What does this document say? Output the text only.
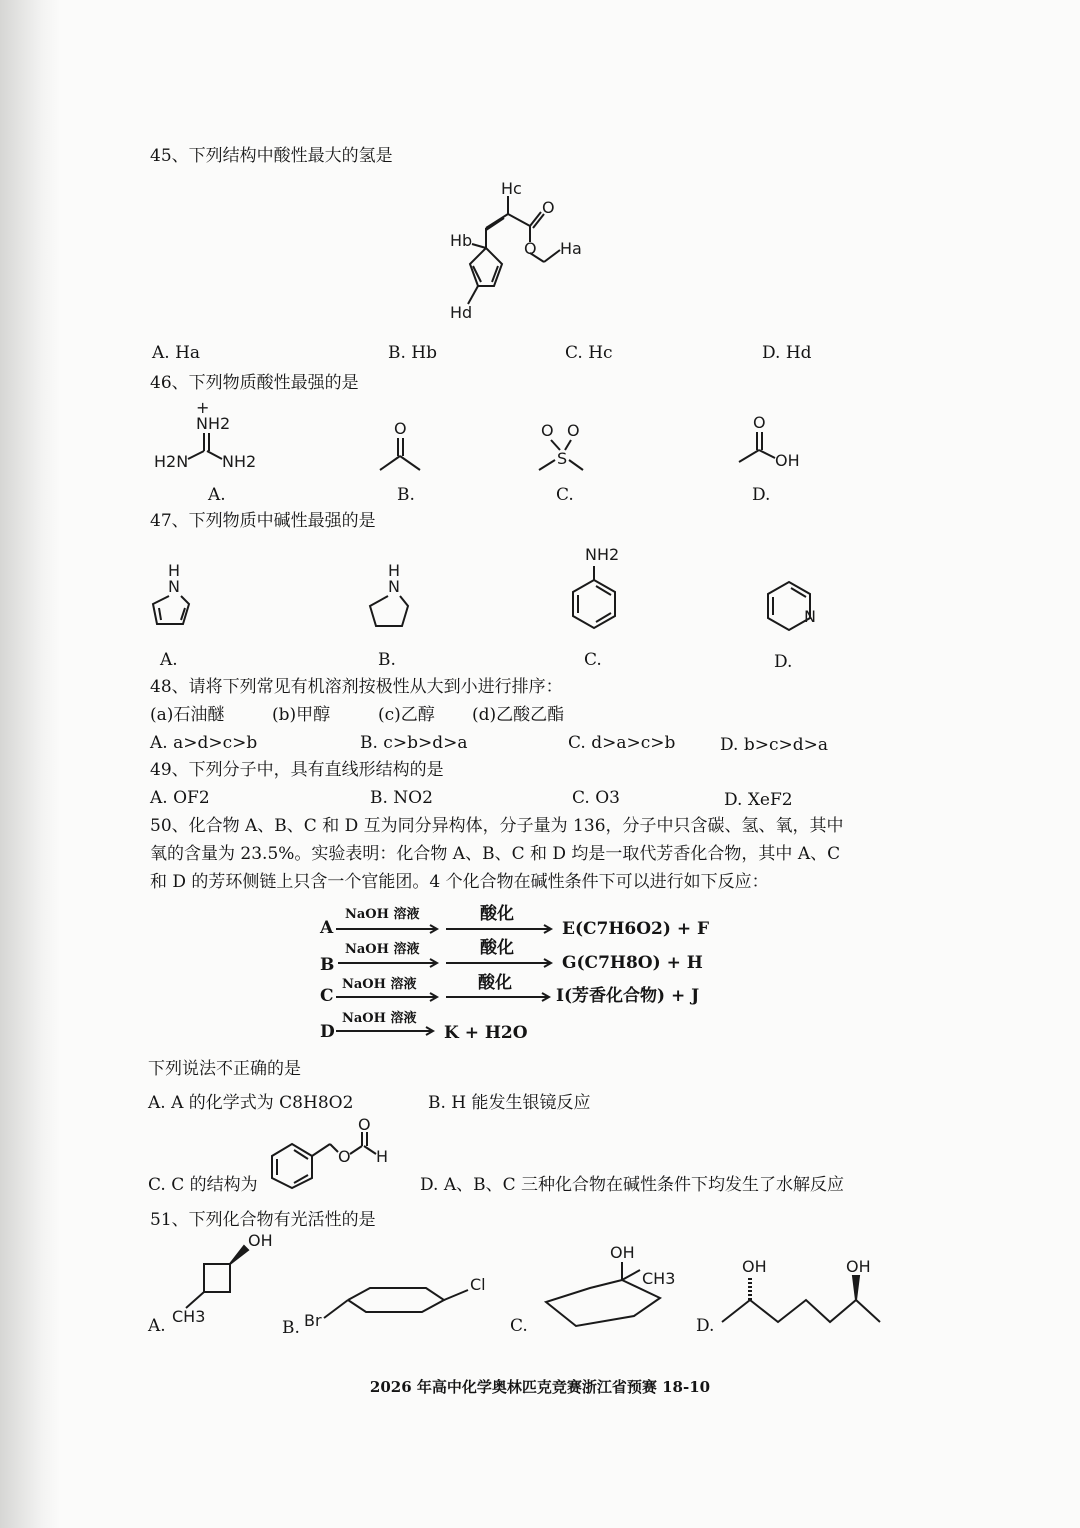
45、下列结构中酸性最大的氢是
Hc
Hb
O
O Ha
Hd
A. Ha	B. Hb	C. Hc	D. Hd
46、下列物质酸性最强的是
+
NH2
H2N NH2
O	O O
S
O
OH
A.	B.	C.	D.
47、下列物质中碱性最强的是
H
N
H
N
NH2
N
A.	B.	C.	D.
48、请将下列常见有机溶剂按极性从大到小进行排序：
(a)石油醚	(b)甲醇	(c)乙醇 (d)乙酸乙酯
A. a>d>c>b	B. c>b>d>a	C. d>a>c>b	D. b>c>d>a
49、下列分子中，具有直线形结构的是
A. OF2	B. NO2	C. O3	D. XeF2
50、化合物 A、B、C 和 D 互为同分异构体，分子量为 136，分子中只含碳、氢、氧，其中
氧的含量为 23.5%。实验表明：化合物 A、B、C 和 D 均是一取代芳香化合物，其中 A、C
和 D 的芳环侧链上只含一个官能团。4 个化合物在碱性条件下可以进行如下反应：
A
NaOH 溶液	酸化
E(C7H6O2) + F
B
NaOH 溶液	酸化
G(C7H8O) + H
C
NaOH 溶液	酸化
I(芳香化合物) + J
D
NaOH 溶液
K + H2O
下列说法不正确的是
A. A 的化学式为 C8H8O2	B. H 能发生银镜反应
C. C 的结构为
O
O
H
D. A、B、C 三种化合物在碱性条件下均发生了水解反应
51、下列化合物有光活性的是
OH
CH3	Br
Cl
OH
CH3
OH	OH
A.	B.	C.	D.
2026 年高中化学奥林匹克竞赛浙江省预赛 18-10
